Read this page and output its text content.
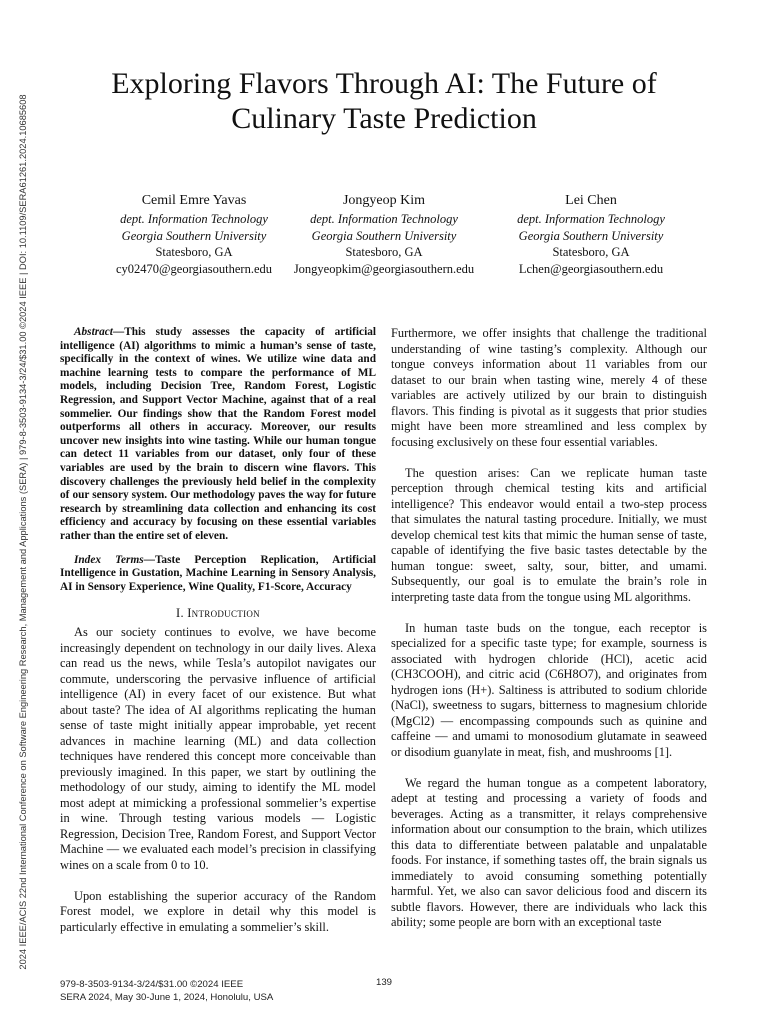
2024 IEEE/ACIS 22nd International Conference on Software Engineering Research, Management and Applications (SERA) | 979-8-3503-9134-3/24/$31.00 ©2024 IEEE | DOI: 10.1109/SERA61261.2024.10685608
Exploring Flavors Through AI: The Future of
Culinary Taste Prediction
Cemil Emre Yavas
dept. Information Technology
Georgia Southern University
Statesboro, GA
cy02470@georgiasouthern.edu
Jongyeop Kim
dept. Information Technology
Georgia Southern University
Statesboro, GA
Jongyeopkim@georgiasouthern.edu
Lei Chen
dept. Information Technology
Georgia Southern University
Statesboro, GA
Lchen@georgiasouthern.edu

Abstract—This study assesses the capacity of artificial intelligence (AI) algorithms to mimic a human’s sense of taste, specifically in the context of wines. We utilize wine data and machine learning tests to compare the performance of ML models, including Decision Tree, Random Forest, Logistic Regression, and Support Vector Machine, against that of a real sommelier. Our findings show that the Random Forest model outperforms all others in accuracy. Moreover, our results uncover new insights into wine tasting. While our human tongue can detect 11 variables from our dataset, only four of these variables are used by the brain to discern wine flavors. This discovery challenges the previously held belief in the complexity of our sensory system. Our methodology paves the way for future research by streamlining data collection and enhancing its cost efficiency and accuracy by focusing on these essential variables rather than the entire set of eleven.

Index Terms—Taste Perception Replication, Artificial Intelligence in Gustation, Machine Learning in Sensory Analysis, AI in Sensory Experience, Wine Quality, F1-Score, Accuracy

I. Introduction

As our society continues to evolve, we have become increasingly dependent on technology in our daily lives. Alexa can read us the news, while Tesla’s autopilot navigates our commute, underscoring the pervasive influence of artificial intelligence (AI) in every facet of our existence. But what about taste? The idea of AI algorithms replicating the human sense of taste might initially appear improbable, yet recent advances in machine learning (ML) and data collection techniques have rendered this concept more conceivable than previously imagined. In this paper, we start by outlining the methodology of our study, aiming to identify the ML model most adept at mimicking a professional sommelier’s expertise in wine. Through testing various models — Logistic Regression, Decision Tree, Random Forest, and Support Vector Machine — we evaluated each model’s precision in classifying wines on a scale from 0 to 10.

Upon establishing the superior accuracy of the Random Forest model, we explore in detail why this model is particularly effective in emulating a sommelier’s skill.

Furthermore, we offer insights that challenge the traditional understanding of wine tasting’s complexity. Although our tongue conveys information about 11 variables from our dataset to our brain when tasting wine, merely 4 of these variables are actively utilized by our brain to distinguish flavors. This finding is pivotal as it suggests that prior studies might have been more streamlined and less complex by focusing exclusively on these four essential variables.

The question arises: Can we replicate human taste perception through chemical testing kits and artificial intelligence? This endeavor would entail a two-step process that simulates the natural tasting procedure. Initially, we must develop chemical test kits that mimic the human sense of taste, capable of identifying the five basic tastes detectable by the human tongue: sweet, salty, sour, bitter, and umami. Subsequently, our goal is to emulate the brain’s role in interpreting taste data from the tongue using ML algorithms.

In human taste buds on the tongue, each receptor is specialized for a specific taste type; for example, sourness is associated with hydrogen chloride (HCl), acetic acid (CH3COOH), and citric acid (C6H8O7), and originates from hydrogen ions (H+). Saltiness is attributed to sodium chloride (NaCl), sweetness to sugars, bitterness to magnesium chloride (MgCl2) — encompassing compounds such as quinine and caffeine — and umami to monosodium glutamate in seaweed or disodium guanylate in meat, fish, and mushrooms [1].

We regard the human tongue as a competent laboratory, adept at testing and processing a variety of foods and beverages. Acting as a transmitter, it relays comprehensive information about our consumption to the brain, which utilizes this data to differentiate between palatable and unpalatable foods. For instance, if something tastes off, the brain signals us immediately to avoid consuming something potentially harmful. Yet, we also can savor delicious food and discern its subtle flavors. However, there are individuals who lack this ability; some people are born with an exceptional taste

979-8-3503-9134-3/24/$31.00 ©2024 IEEE
SERA 2024, May 30-June 1, 2024, Honolulu, USA
139
